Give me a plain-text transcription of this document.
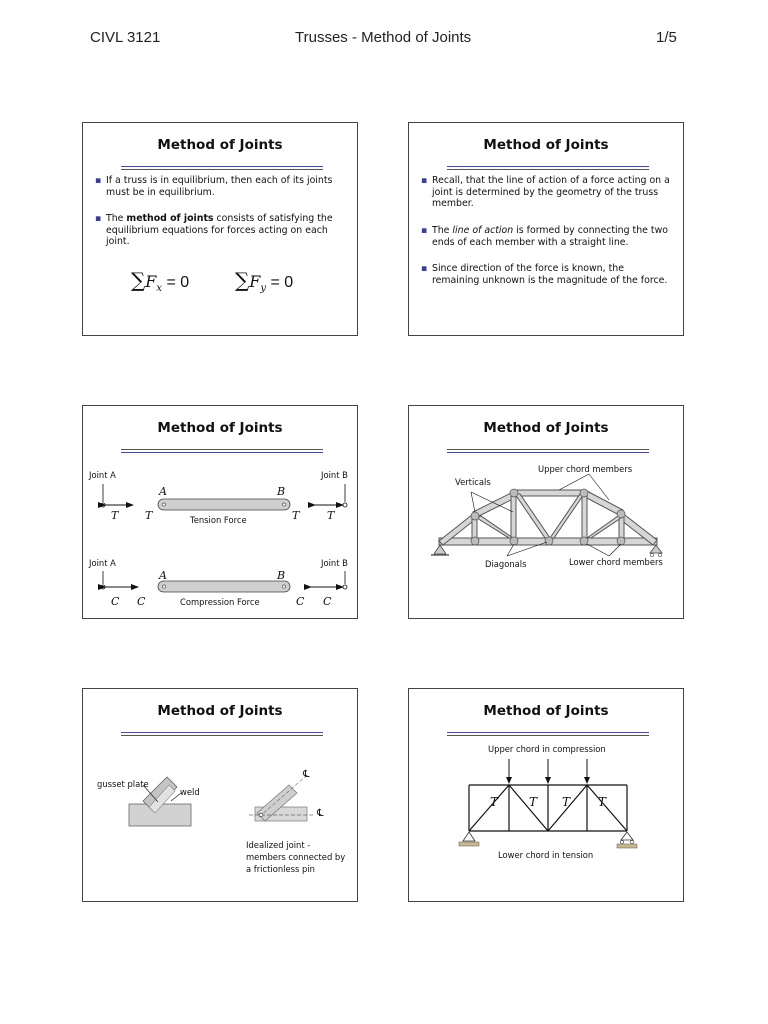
CIVL 3121	Trusses - Method of Joints	1/5
Method of Joints
▪ If a truss is in equilibrium, then each of its joints must be in equilibrium.
▪ The method of joints consists of satisfying the equilibrium equations for forces acting on each joint.
$\sum F_x = 0$ $\sum F_y = 0$
Method of Joints
▪ Recall, that the line of action of a force acting on a joint is determined by the geometry of the truss member.
▪ The line of action is formed by connecting the two ends of each member with a straight line.
▪ Since direction of the force is known, the remaining unknown is the magnitude of the force.
Method of Joints
Joint A	Joint B
A	B
T T	T	T
Tension Force
Joint A	Joint B
A	B
C C	C C
Compression Force
Method of Joints
Upper chord members
Verticals
Diagonals	Lower chord members
Method of Joints
gusset plate
weld
℄
℄
Idealized joint -
members connected by
a frictionless pin
Method of Joints
Upper chord in compression
T	T T T
Lower chord in tension
